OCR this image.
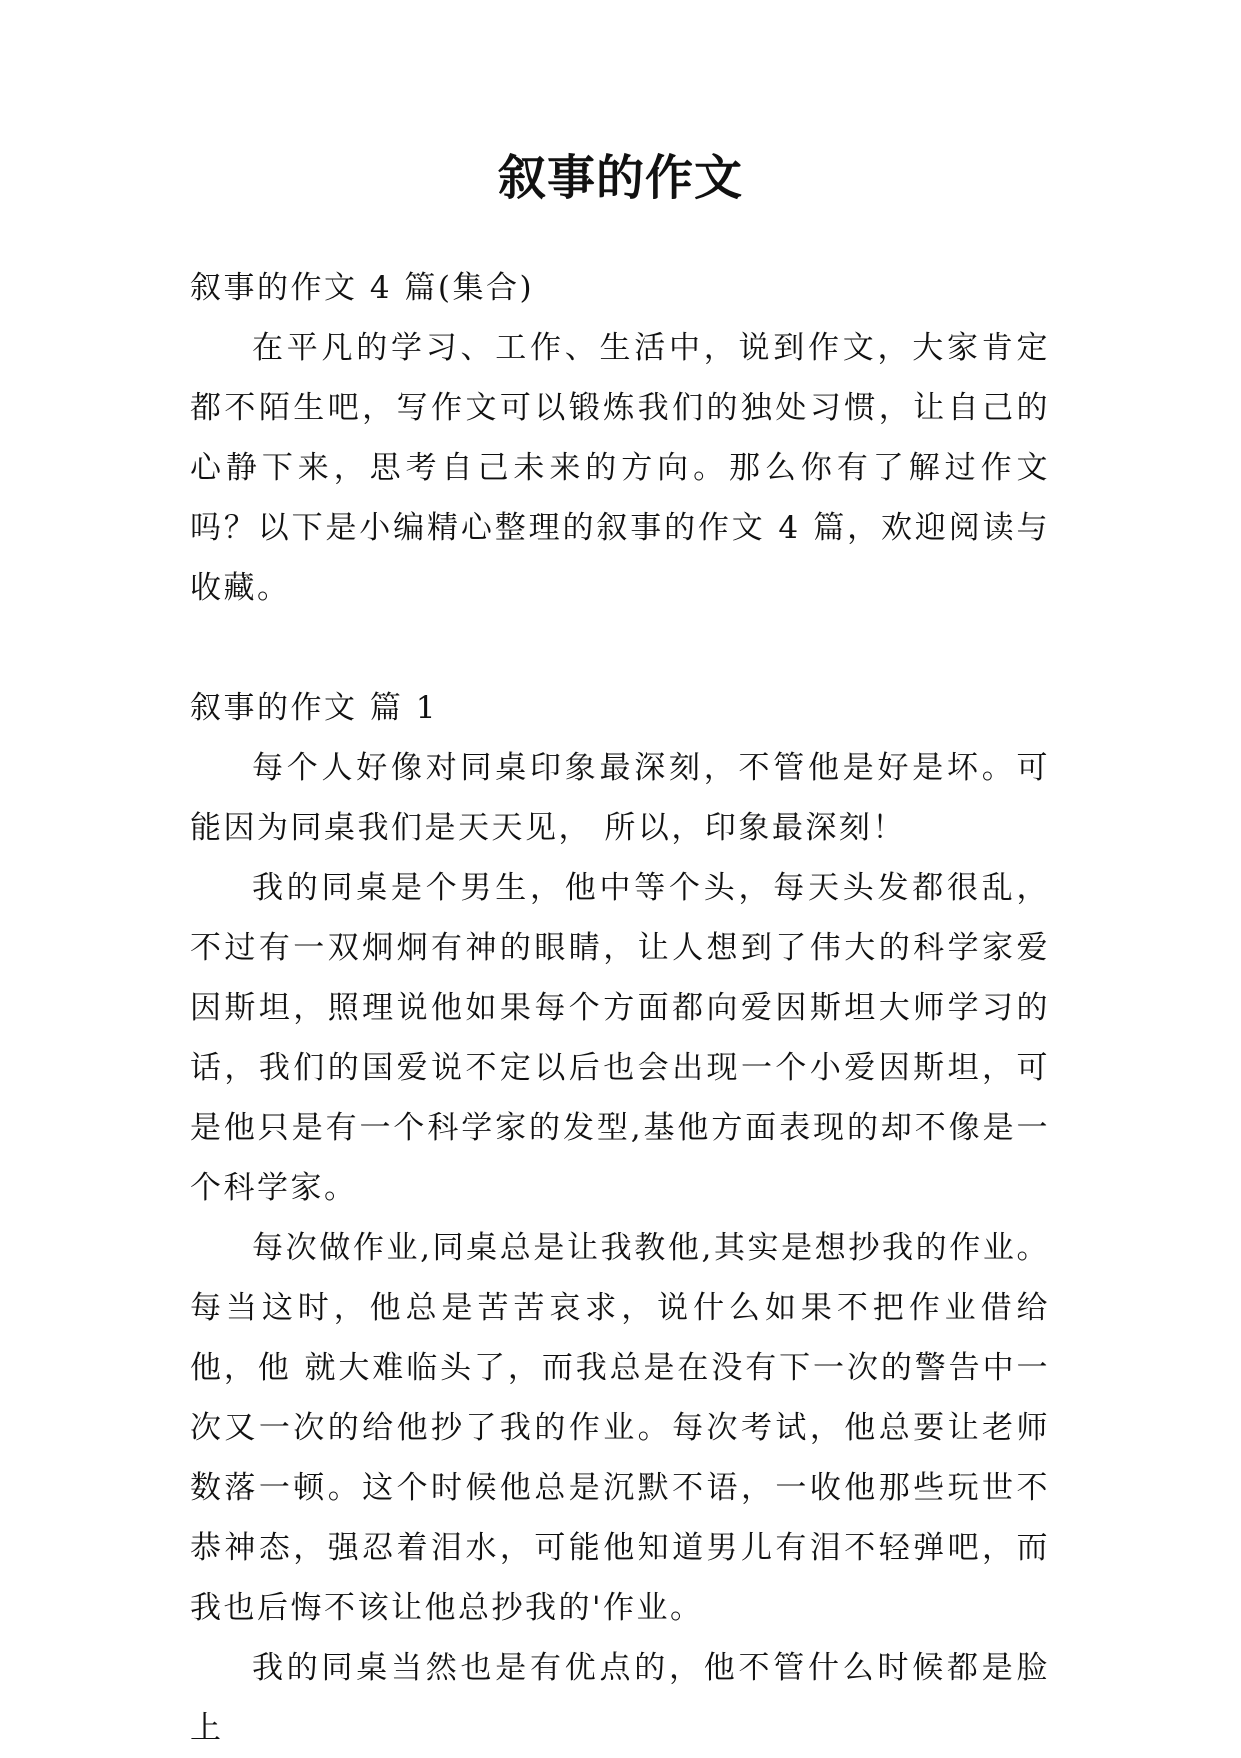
叙事的作文

叙事的作文 4 篇(集合)

在平凡的学习、工作、生活中，说到作文，大家肯定都不陌生吧，写作文可以锻炼我们的独处习惯，让自己的心静下来，思考自己未来的方向。那么你有了解过作文吗？以下是小编精心整理的叙事的作文 4 篇，欢迎阅读与收藏。

叙事的作文 篇 1

每个人好像对同桌印象最深刻，不管他是好是坏。可能因为同桌我们是天天见， 所以，印象最深刻！

我的同桌是个男生，他中等个头，每天头发都很乱，不过有一双炯炯有神的眼睛，让人想到了伟大的科学家爱因斯坦，照理说他如果每个方面都向爱因斯坦大师学习的话，我们的国爱说不定以后也会出现一个小爱因斯坦，可是他只是有一个科学家的发型,基他方面表现的却不像是一个科学家。

每次做作业,同桌总是让我教他,其实是想抄我的作业。每当这时，他总是苦苦哀求，说什么如果不把作业借给他，他 就大难临头了，而我总是在没有下一次的警告中一次又一次的给他抄了我的作业。每次考试，他总要让老师数落一顿。这个时候他总是沉默不语，一收他那些玩世不恭神态，强忍着泪水，可能他知道男儿有泪不轻弹吧，而我也后悔不该让他总抄我的'作业。

我的同桌当然也是有优点的，他不管什么时候都是脸上
